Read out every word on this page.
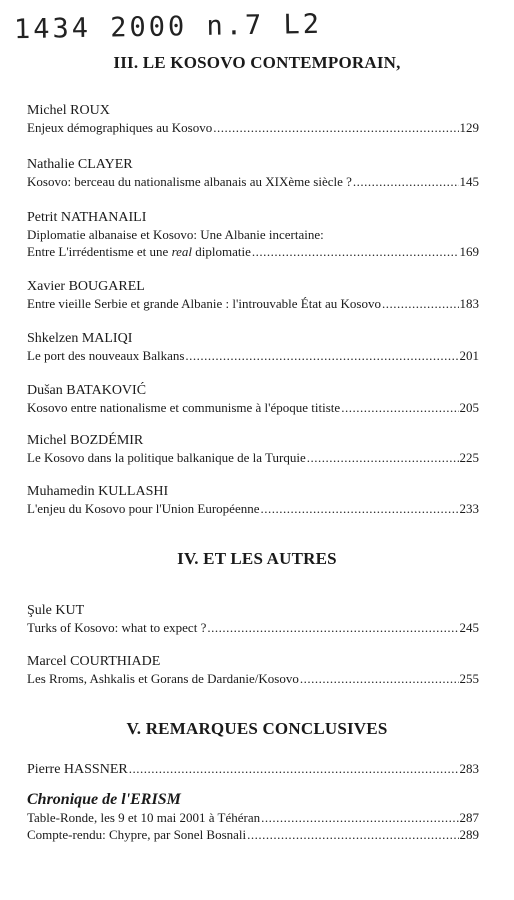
1434 2000 n.7 L2
III. LE KOSOVO CONTEMPORAIN,
Michel ROUX
Enjeux démographiques au Kosovo .....	129
Nathalie CLAYER
Kosovo: berceau du nationalisme albanais au XIXème siècle ? .....	145
Petrit NATHANAILI
Diplomatie albanaise et Kosovo: Une Albanie incertaine:
Entre L'irrédentisme et une real diplomatie .....	169
Xavier BOUGAREL
Entre vieille Serbie et grande Albanie : l'introuvable État au Kosovo .....	183
Shkelzen MALIQI
Le port des nouveaux Balkans .....	201
Dušan BATAKOVIĆ
Kosovo entre nationalisme et communisme à l'époque titiste .....	205
Michel BOZDÉMIR
Le Kosovo dans la politique balkanique de la Turquie .....	225
Muhamedin KULLASHI
L'enjeu du Kosovo pour l'Union Européenne .....	233
IV. ET LES AUTRES
Şule KUT
Turks of Kosovo: what to expect ? .....	245
Marcel COURTHIADE
Les Rroms, Ashkalis et Gorans de Dardanie/Kosovo .....	255
V. REMARQUES CONCLUSIVES
Pierre HASSNER .....	283
Chronique de l'ERISM
Table-Ronde, les 9 et 10 mai 2001 à Téhéran .....	287
Compte-rendu: Chypre, par Sonel Bosnali .....	289
